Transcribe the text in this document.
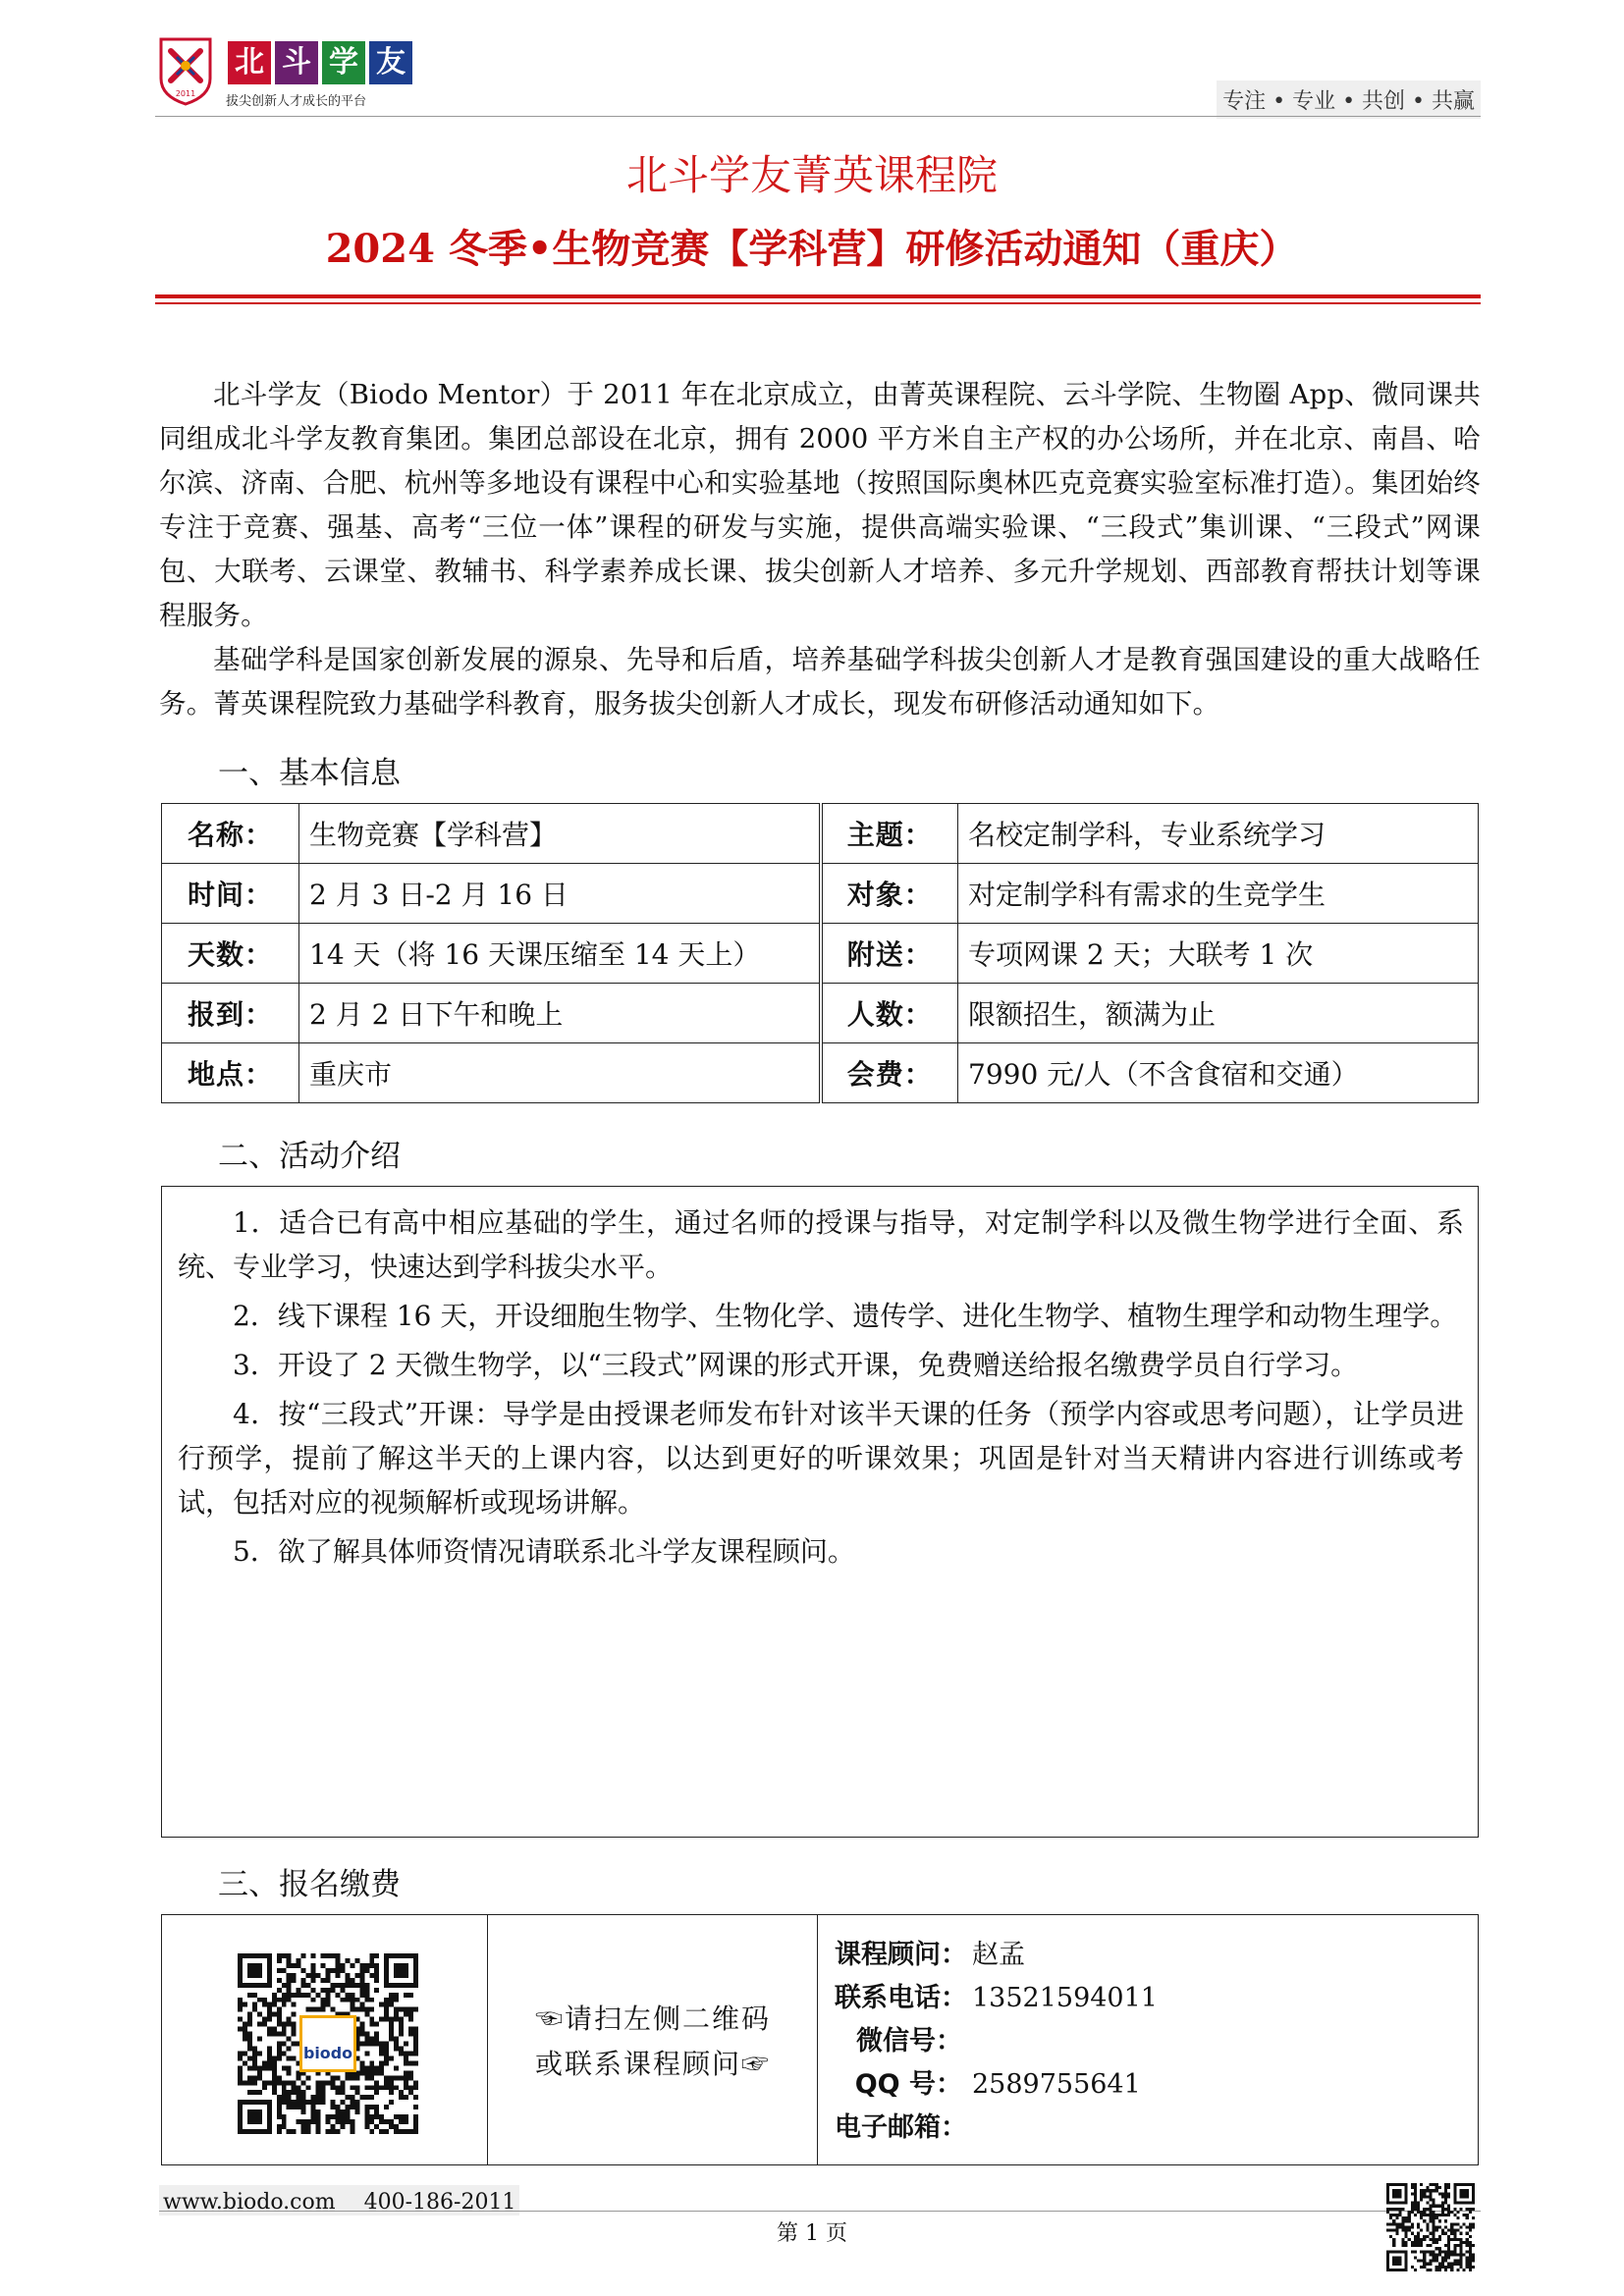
2011
北 斗 学 友
拔尖创新人才成长的平台	专注 • 专业 • 共创 • 共赢
北斗学友菁英课程院
2024 冬季•生物竞赛【学科营】研修活动通知（重庆）
北斗学友（Biodo Mentor）于 2011 年在北京成立，由菁英课程院、云斗学院、生物圈 App、微同课共同组成北斗学友教育集团。集团总部设在北京，拥有 2000 平方米自主产权的办公场所，并在北京、南昌、哈尔滨、济南、合肥、杭州等多地设有课程中心和实验基地（按照国际奥林匹克竞赛实验室标准打造）。集团始终专注于竞赛、强基、高考“三位一体”课程的研发与实施，提供高端实验课、“三段式”集训课、“三段式”网课包、大联考、云课堂、教辅书、科学素养成长课、拔尖创新人才培养、多元升学规划、西部教育帮扶计划等课程服务。
基础学科是国家创新发展的源泉、先导和后盾，培养基础学科拔尖创新人才是教育强国建设的重大战略任务。菁英课程院致力基础学科教育，服务拔尖创新人才成长，现发布研修活动通知如下。
一、基本信息
名称：	生物竞赛【学科营】	主题：	名校定制学科，专业系统学习
时间：	2 月 3 日-2 月 16 日	对象：	对定制学科有需求的生竞学生
天数：	14 天（将 16 天课压缩至 14 天上）	附送：	专项网课 2 天；大联考 1 次
报到：	2 月 2 日下午和晚上	人数：	限额招生，额满为止
地点：	重庆市	会费：	7990 元/人（不含食宿和交通）
二、活动介绍

1．适合已有高中相应基础的学生，通过名师的授课与指导，对定制学科以及微生物学进行全面、系统、专业学习，快速达到学科拔尖水平。

2．线下课程 16 天，开设细胞生物学、生物化学、遗传学、进化生物学、植物生理学和动物生理学。

3．开设了 2 天微生物学，以“三段式”网课的形式开课，免费赠送给报名缴费学员自行学习。

4．按“三段式”开课：导学是由授课老师发布针对该半天课的任务（预学内容或思考问题），让学员进行预学，提前了解这半天的上课内容，以达到更好的听课效果；巩固是针对当天精讲内容进行训练或考试，包括对应的视频解析或现场讲解。

5．欲了解具体师资情况请联系北斗学友课程顾问。

三、报名缴费
biodo
☜请扫左侧二维码
或联系课程顾问☞
课程顾问： 赵孟
联系电话： 13521594011
微信号：
QQ 号： 2589755641
电子邮箱：
www.biodo.com　 400-186-2011
第 1 页
